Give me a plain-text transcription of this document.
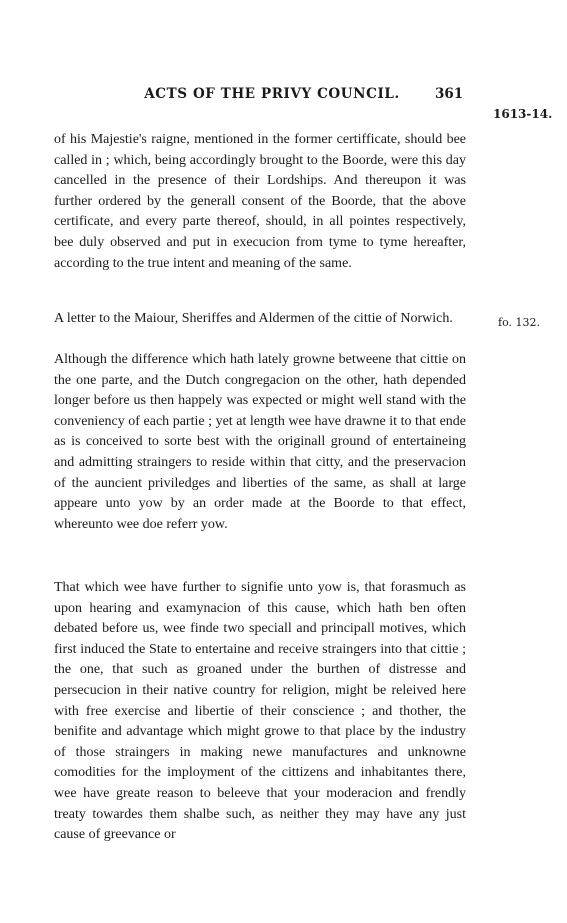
ACTS OF THE PRIVY COUNCIL.	361
1613-14.
fo. 132.

of his Majestie's raigne, mentioned in the former certifficate, should bee called in ; which, being accordingly brought to the Boorde, were this day cancelled in the presence of their Lordships. And thereupon it was further ordered by the generall consent of the Boorde, that the above certificate, and every parte thereof, should, in all pointes respectively, bee duly observed and put in execucion from tyme to tyme hereafter, according to the true intent and meaning of the same.

A letter to the Maiour, Sheriffes and Aldermen of the cittie of Norwich.

Although the difference which hath lately growne betweene that cittie on the one parte, and the Dutch congregacion on the other, hath depended longer before us then happely was expected or might well stand with the conveniency of each partie ; yet at length wee have drawne it to that ende as is conceived to sorte best with the originall ground of entertaineing and admitting straingers to reside within that citty, and the preservacion of the auncient priviledges and liberties of the same, as shall at large appeare unto yow by an order made at the Boorde to that effect, whereunto wee doe referr yow.

That which wee have further to signifie unto yow is, that forasmuch as upon hearing and examynacion of this cause, which hath ben often debated before us, wee finde two speciall and principall motives, which first induced the State to entertaine and receive straingers into that cittie ; the one, that such as groaned under the burthen of distresse and persecucion in their native country for religion, might be releived here with free exercise and libertie of their conscience ; and thother, the benifite and advantage which might growe to that place by the industry of those straingers in making newe manufactures and unknowne comodities for the imployment of the cittizens and inhabitantes there, wee have greate reason to beleeve that your moderacion and frendly treaty towardes them shalbe such, as neither they may have any just cause of greevance or
